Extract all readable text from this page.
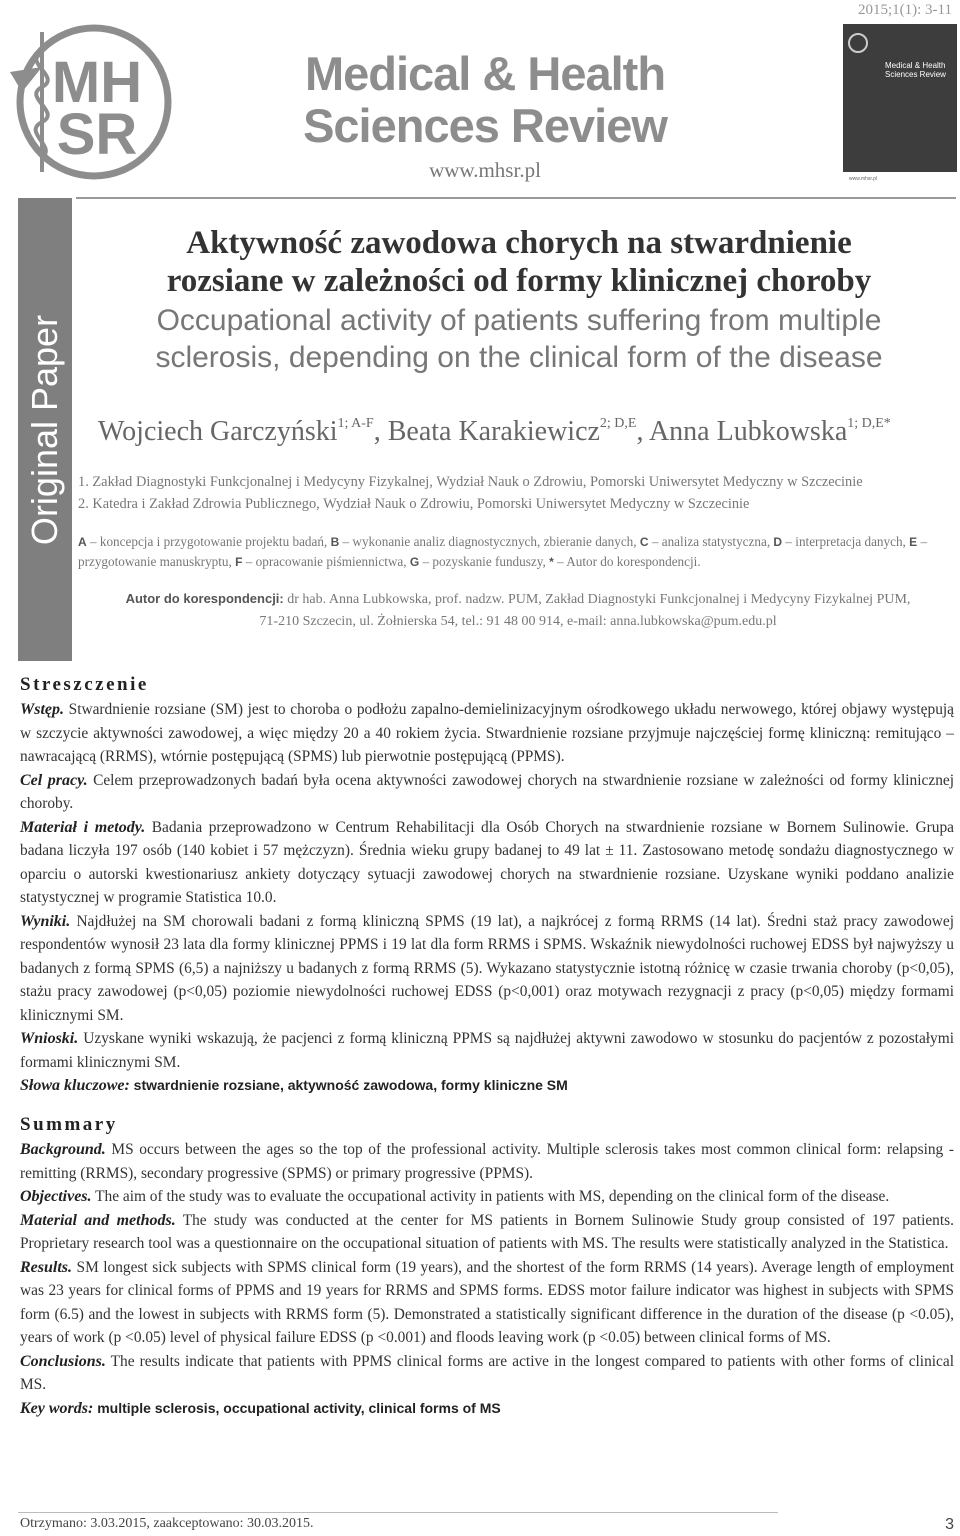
2015;1(1): 3-11
MH
SR
Medical & Health
Sciences Review
www.mhsr.pl
Medical & Health Sciences Review
www.mhsr.pl
Original Paper
Aktywność zawodowa chorych na stwardnienie
rozsiane w zależności od formy klinicznej choroby
Occupational activity of patients suffering from multiple
sclerosis, depending on the clinical form of the disease
Wojciech Garczyński$^{1; A-F}$, Beata Karakiewicz$^{2; D,E}$, Anna Lubkowska$^{1; D,E*}$
1. Zakład Diagnostyki Funkcjonalnej i Medycyny Fizykalnej, Wydział Nauk o Zdrowiu, Pomorski Uniwersytet Medyczny w Szczecinie
2. Katedra i Zakład Zdrowia Publicznego, Wydział Nauk o Zdrowiu, Pomorski Uniwersytet Medyczny w Szczecinie
A – koncepcja i przygotowanie projektu badań, B – wykonanie analiz diagnostycznych, zbieranie danych, C – analiza statystyczna, D – interpretacja danych, E – przygotowanie manuskryptu, F – opracowanie piśmiennictwa, G – pozyskanie funduszy, * – Autor do korespondencji.
Autor do korespondencji: dr hab. Anna Lubkowska, prof. nadzw. PUM, Zakład Diagnostyki Funkcjonalnej i Medycyny Fizykalnej PUM,
71-210 Szczecin, ul. Żołnierska 54, tel.: 91 48 00 914, e-mail: anna.lubkowska@pum.edu.pl
Streszczenie
Wstęp. Stwardnienie rozsiane (SM) jest to choroba o podłożu zapalno-demielinizacyjnym ośrodkowego układu nerwowego, której objawy występują w szczycie aktywności zawodowej, a więc między 20 a 40 rokiem życia. Stwardnienie rozsiane przyjmuje najczęściej formę kliniczną: remitująco – nawracającą (RRMS), wtórnie postępującą (SPMS) lub pierwotnie postępującą (PPMS).
Cel pracy. Celem przeprowadzonych badań była ocena aktywności zawodowej chorych na stwardnienie rozsiane w zależności od formy klinicznej choroby.
Materiał i metody. Badania przeprowadzono w Centrum Rehabilitacji dla Osób Chorych na stwardnienie rozsiane w Bornem Sulinowie. Grupa badana liczyła 197 osób (140 kobiet i 57 mężczyzn). Średnia wieku grupy badanej to 49 lat ± 11. Zastosowano metodę sondażu diagnostycznego w oparciu o autorski kwestionariusz ankiety dotyczący sytuacji zawodowej chorych na stwardnienie rozsiane. Uzyskane wyniki poddano analizie statystycznej w programie Statistica 10.0.
Wyniki. Najdłużej na SM chorowali badani z formą kliniczną SPMS (19 lat), a najkrócej z formą RRMS (14 lat). Średni staż pracy zawodowej respondentów wynosił 23 lata dla formy klinicznej PPMS i 19 lat dla form RRMS i SPMS. Wskaźnik niewydolności ruchowej EDSS był najwyższy u badanych z formą SPMS (6,5) a najniższy u badanych z formą RRMS (5). Wykazano statystycznie istotną różnicę w czasie trwania choroby (p<0,05), stażu pracy zawodowej (p<0,05) poziomie niewydolności ruchowej EDSS (p<0,001) oraz motywach rezygnacji z pracy (p<0,05) między formami klinicznymi SM.
Wnioski. Uzyskane wyniki wskazują, że pacjenci z formą kliniczną PPMS są najdłużej aktywni zawodowo w stosunku do pacjentów z pozostałymi formami klinicznymi SM.
Słowa kluczowe: stwardnienie rozsiane, aktywność zawodowa, formy kliniczne SM
Summary
Background. MS occurs between the ages so the top of the professional activity. Multiple sclerosis takes most common clinical form: relapsing - remitting (RRMS), secondary progressive (SPMS) or primary progressive (PPMS).
Objectives. The aim of the study was to evaluate the occupational activity in patients with MS, depending on the clinical form of the disease.
Material and methods. The study was conducted at the center for MS patients in Bornem Sulinowie Study group consisted of 197 patients. Proprietary research tool was a questionnaire on the occupational situation of patients with MS. The results were statistically analyzed in the Statistica.
Results. SM longest sick subjects with SPMS clinical form (19 years), and the shortest of the form RRMS (14 years). Average length of employment was 23 years for clinical forms of PPMS and 19 years for RRMS and SPMS forms. EDSS motor failure indicator was highest in subjects with SPMS form (6.5) and the lowest in subjects with RRMS form (5). Demonstrated a statistically significant difference in the duration of the disease (p <0.05), years of work (p <0.05) level of physical failure EDSS (p <0.001) and floods leaving work (p <0.05) between clinical forms of MS.
Conclusions. The results indicate that patients with PPMS clinical forms are active in the longest compared to patients with other forms of clinical MS.
Key words: multiple sclerosis, occupational activity, clinical forms of MS
Otrzymano: 3.03.2015, zaakceptowano: 30.03.2015.	3
